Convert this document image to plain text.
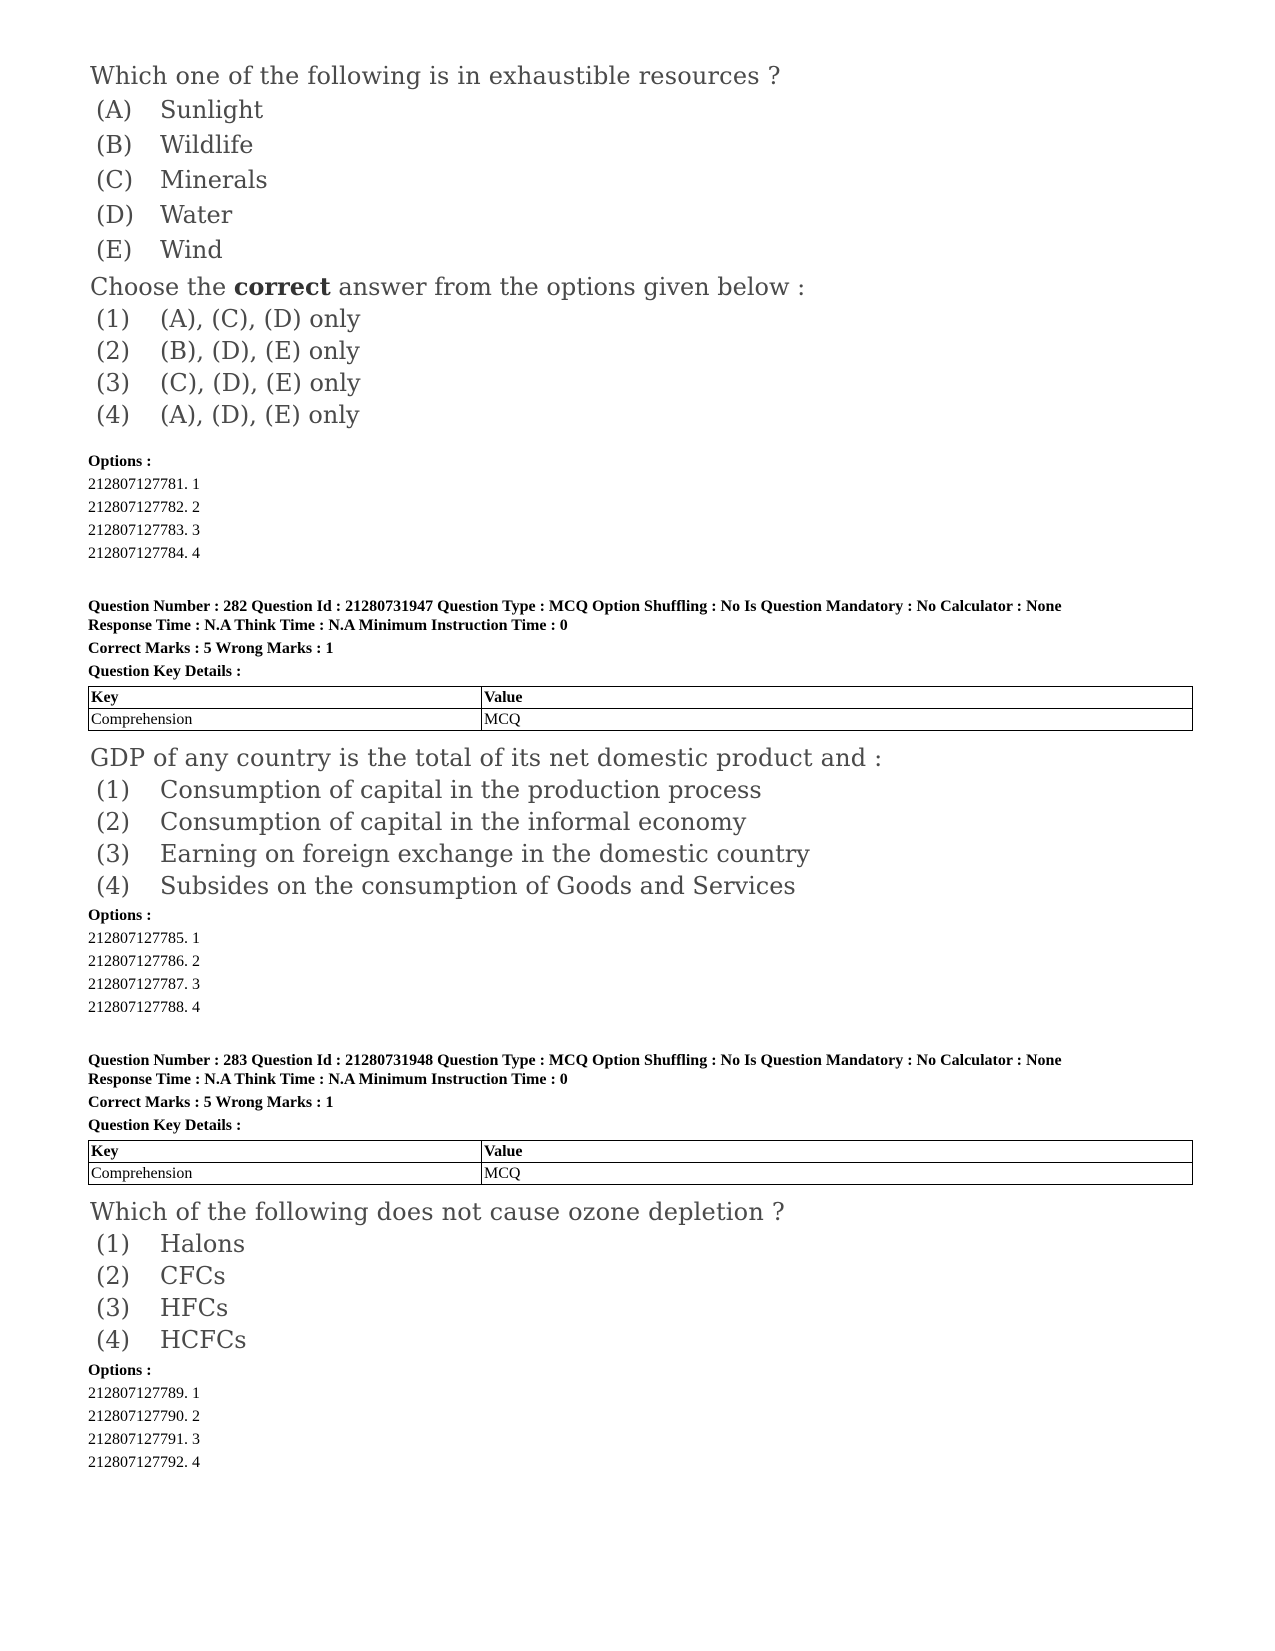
Which one of the following is in exhaustible resources ?
(A) Sunlight
(B) Wildlife
(C) Minerals
(D) Water
(E) Wind
Choose the correct answer from the options given below :
(1) (A), (C), (D) only
(2) (B), (D), (E) only
(3) (C), (D), (E) only
(4) (A), (D), (E) only
Options :
212807127781. 1
212807127782. 2
212807127783. 3
212807127784. 4
Question Number : 282 Question Id : 21280731947 Question Type : MCQ Option Shuffling : No Is Question Mandatory : No Calculator : None
Response Time : N.A Think Time : N.A Minimum Instruction Time : 0
Correct Marks : 5 Wrong Marks : 1
Question Key Details :
Key	Value
Comprehension	MCQ
GDP of any country is the total of its net domestic product and :
(1) Consumption of capital in the production process
(2) Consumption of capital in the informal economy
(3) Earning on foreign exchange in the domestic country
(4) Subsides on the consumption of Goods and Services
Options :
212807127785. 1
212807127786. 2
212807127787. 3
212807127788. 4
Question Number : 283 Question Id : 21280731948 Question Type : MCQ Option Shuffling : No Is Question Mandatory : No Calculator : None
Response Time : N.A Think Time : N.A Minimum Instruction Time : 0
Correct Marks : 5 Wrong Marks : 1
Question Key Details :
Key	Value
Comprehension	MCQ
Which of the following does not cause ozone depletion ?
(1) Halons
(2) CFCs
(3) HFCs
(4) HCFCs
Options :
212807127789. 1
212807127790. 2
212807127791. 3
212807127792. 4
